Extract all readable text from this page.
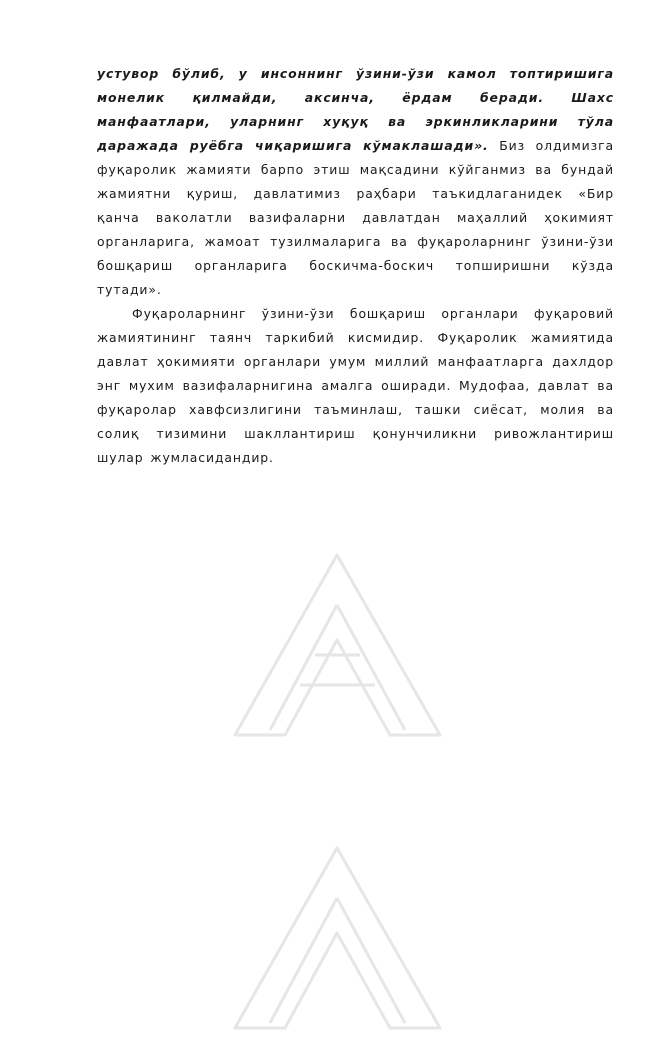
устувор бўлиб, у инсоннинг ўзини-ўзи камол топтиришига монелик қилмайди, аксинча, ёрдам беради. Шахс манфаатлари, уларнинг хуқуқ ва эркинликларини тўла даражада руёбга чиқаришига кўмаклашади». Биз олдимизга фуқаролик жамияти барпо этиш мақсадини кўйганмиз ва бундай жамиятни қуриш, давлатимиз раҳбари таъкидлаганидек «Бир қанча ваколатли вазифаларни давлатдан маҳаллий ҳокимият органларига, жамоат тузилмаларига ва фуқароларнинг ўзини-ўзи бошқариш органларига боскичма-боскич топширишни кўзда тутади».

Фуқароларнинг ўзини-ўзи бошқариш органлари фуқаровий жамиятининг таянч таркибий кисмидир. Фуқаролик жамиятида давлат ҳокимияти органлари умум миллий манфаатларга дахлдор энг мухим вазифаларнигина амалга оширади. Мудофаа, давлат ва фуқаролар хавфсизлигини таъминлаш, ташки сиёсат, молия ва солиқ тизимини шакллантириш қонунчиликни ривожлантириш шулар жумласидандир.
